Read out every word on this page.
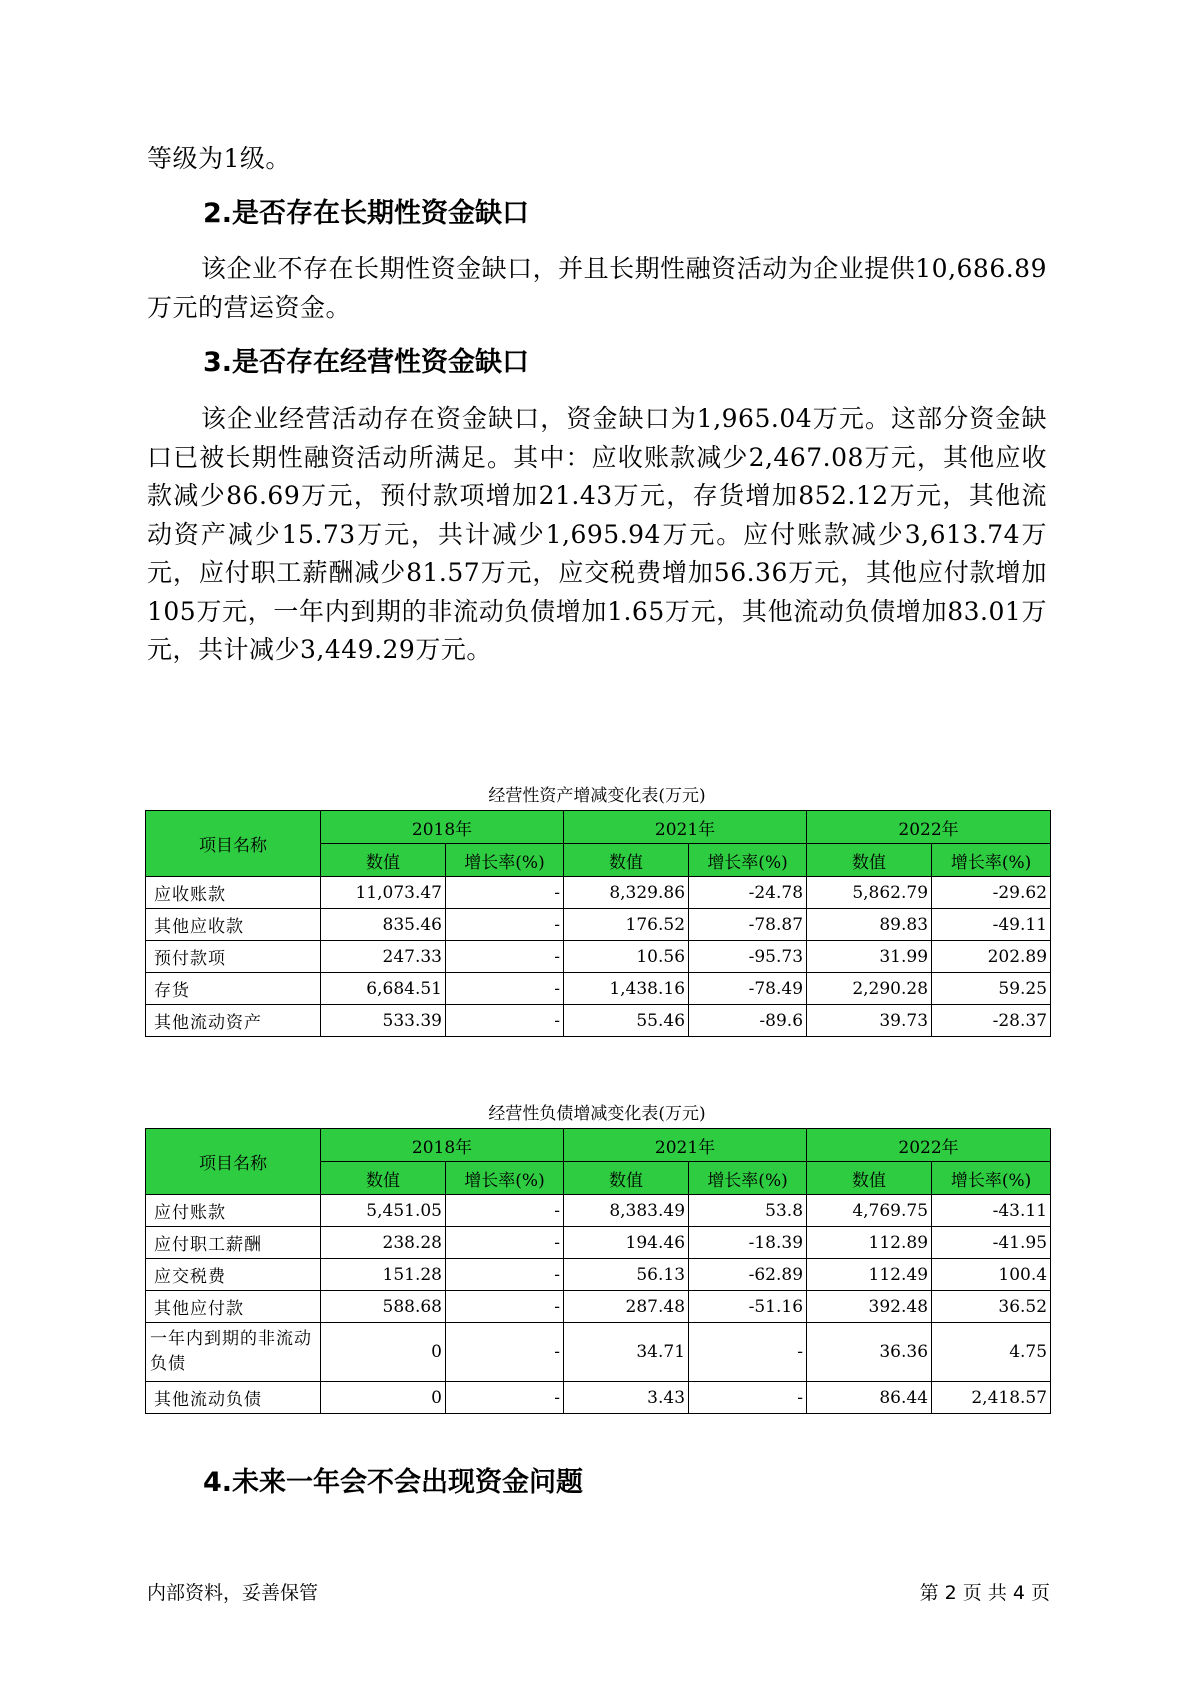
等级为1级。
2.是否存在长期性资金缺口
该企业不存在长期性资金缺口，并且长期性融资活动为企业提供10,686.89万元的营运资金。
3.是否存在经营性资金缺口
该企业经营活动存在资金缺口，资金缺口为1,965.04万元。这部分资金缺口已被长期性融资活动所满足。其中：应收账款减少2,467.08万元，其他应收款减少86.69万元，预付款项增加21.43万元，存货增加852.12万元，其他流动资产减少15.73万元，共计减少1,695.94万元。应付账款减少3,613.74万元，应付职工薪酬减少81.57万元，应交税费增加56.36万元，其他应付款增加105万元，一年内到期的非流动负债增加1.65万元，其他流动负债增加83.01万元，共计减少3,449.29万元。
经营性资产增减变化表(万元)
项目名称	2018年		2021年		2022年	
	数值	增长率(%)	数值	增长率(%)	数值	增长率(%)
应收账款	11,073.47	-	8,329.86	-24.78	5,862.79	-29.62
其他应收款	835.46	-	176.52	-78.87	89.83	-49.11
预付款项	247.33	-	10.56	-95.73	31.99	202.89
存货	6,684.51	-	1,438.16	-78.49	2,290.28	59.25
其他流动资产	533.39	-	55.46	-89.6	39.73	-28.37
经营性负债增减变化表(万元)
项目名称	2018年		2021年		2022年	
	数值	增长率(%)	数值	增长率(%)	数值	增长率(%)
应付账款	5,451.05	-	8,383.49	53.8	4,769.75	-43.11
应付职工薪酬	238.28	-	194.46	-18.39	112.89	-41.95
应交税费	151.28	-	56.13	-62.89	112.49	100.4
其他应付款	588.68	-	287.48	-51.16	392.48	36.52
一年内到期的非流动负债	0	-	34.71	-	36.36	4.75
其他流动负债	0	-	3.43	-	86.44	2,418.57
4.未来一年会不会出现资金问题
内部资料，妥善保管	第 2 页 共 4 页
